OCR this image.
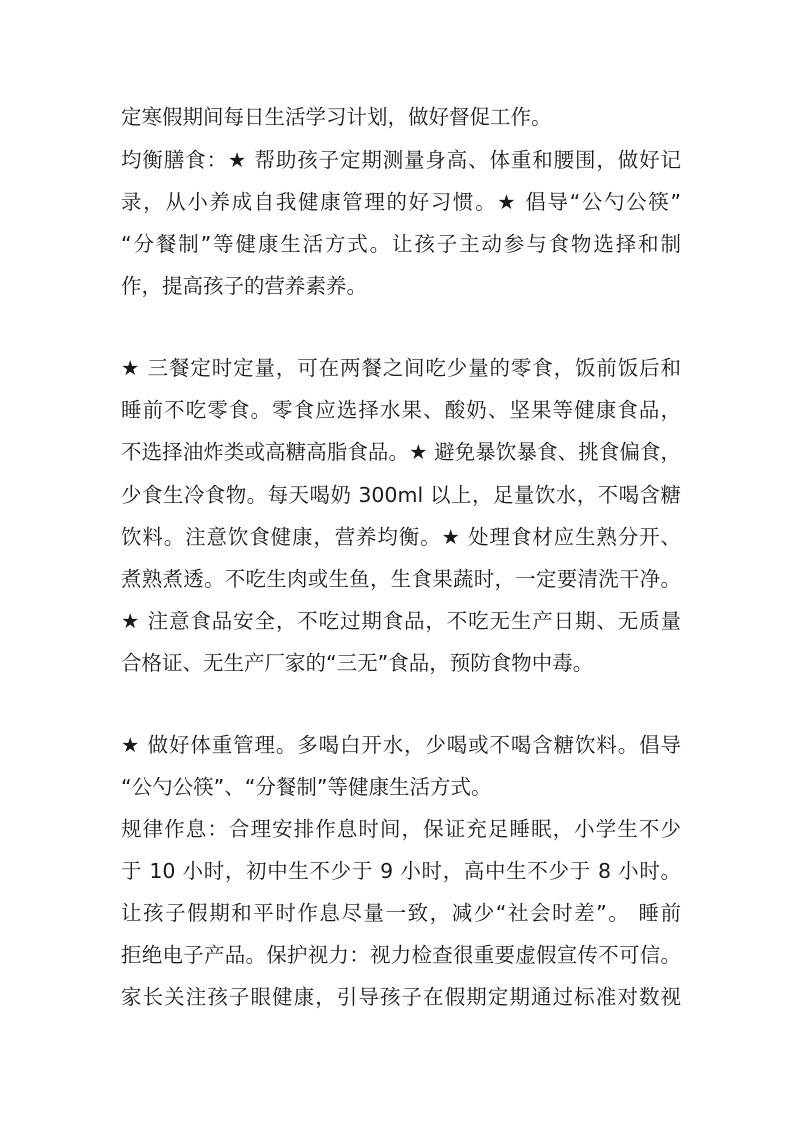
定寒假期间每日生活学习计划，做好督促工作。
均衡膳食：★ 帮助孩子定期测量身高、体重和腰围，做好记
录，从小养成自我健康管理的好习惯。★ 倡导“公勺公筷”
“分餐制”等健康生活方式。让孩子主动参与食物选择和制
作，提高孩子的营养素养。
★ 三餐定时定量，可在两餐之间吃少量的零食，饭前饭后和
睡前不吃零食。零食应选择水果、酸奶、坚果等健康食品，
不选择油炸类或高糖高脂食品。★ 避免暴饮暴食、挑食偏食，
少食生冷食物。每天喝奶 300ml 以上，足量饮水，不喝含糖
饮料。注意饮食健康，营养均衡。★ 处理食材应生熟分开、
煮熟煮透。不吃生肉或生鱼，生食果蔬时，一定要清洗干净。
★ 注意食品安全，不吃过期食品，不吃无生产日期、无质量
合格证、无生产厂家的“三无”食品，预防食物中毒。
★ 做好体重管理。多喝白开水，少喝或不喝含糖饮料。倡导
“公勺公筷”、“分餐制”等健康生活方式。
规律作息：合理安排作息时间，保证充足睡眠，小学生不少
于 10 小时，初中生不少于 9 小时，高中生不少于 8 小时。
让孩子假期和平时作息尽量一致，减少“社会时差”。 睡前
拒绝电子产品。保护视力：视力检查很重要虚假宣传不可信。
家长关注孩子眼健康，引导孩子在假期定期通过标准对数视
